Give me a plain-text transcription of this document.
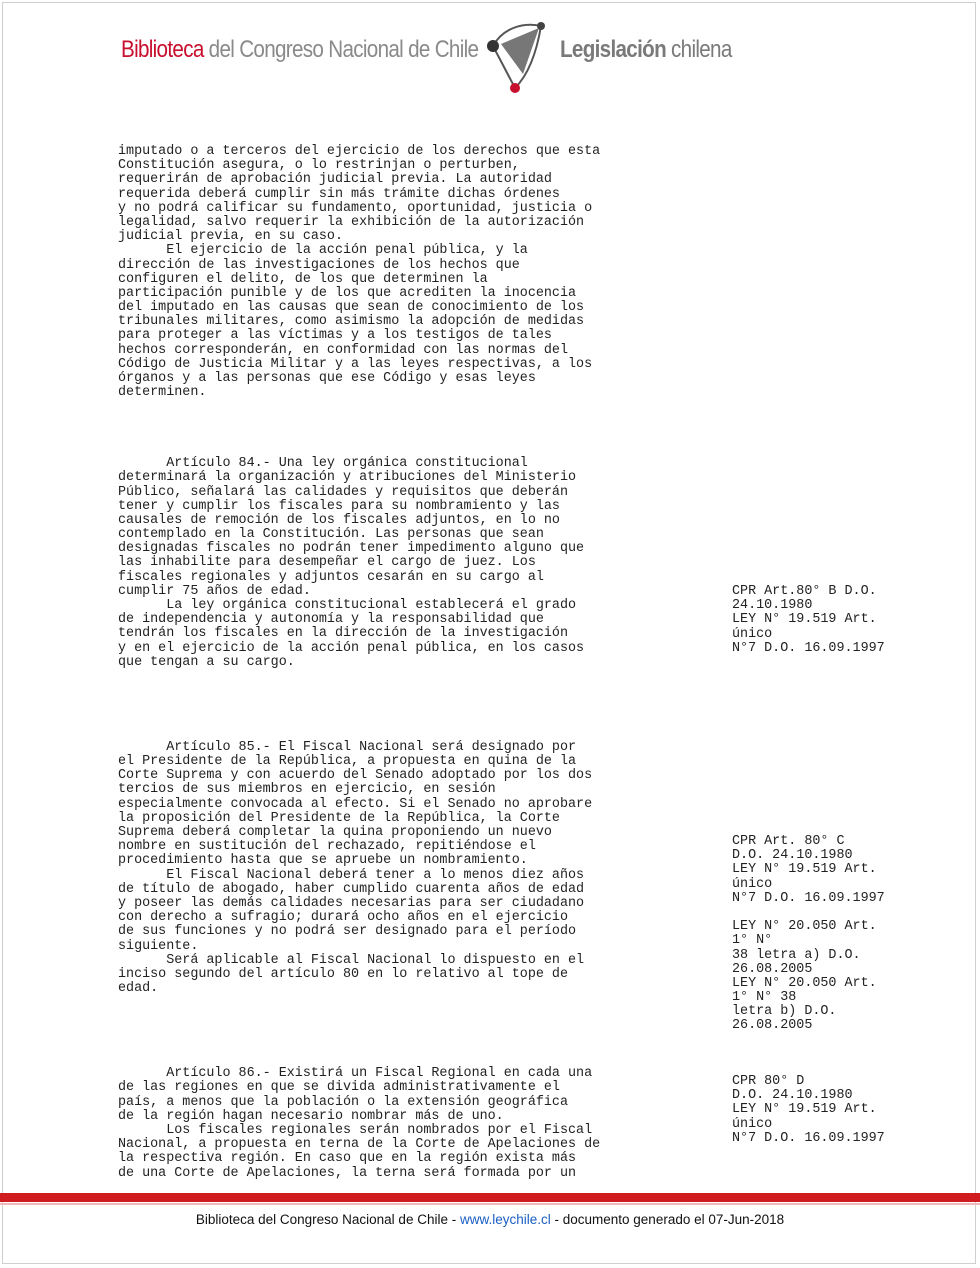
Biblioteca del Congreso Nacional de Chile	Legislación chilena
imputado o a terceros del ejercicio de los derechos que esta
Constitución asegura, o lo restrinjan o perturben,
requerirán de aprobación judicial previa. La autoridad
requerida deberá cumplir sin más trámite dichas órdenes
y no podrá calificar su fundamento, oportunidad, justicia o
legalidad, salvo requerir la exhibición de la autorización
judicial previa, en su caso.
El ejercicio de la acción penal pública, y la
dirección de las investigaciones de los hechos que
configuren el delito, de los que determinen la
participación punible y de los que acrediten la inocencia
del imputado en las causas que sean de conocimiento de los
tribunales militares, como asimismo la adopción de medidas
para proteger a las víctimas y a los testigos de tales
hechos corresponderán, en conformidad con las normas del
Código de Justicia Militar y a las leyes respectivas, a los
órganos y a las personas que ese Código y esas leyes
determinen.
Artículo 84.- Una ley orgánica constitucional
determinará la organización y atribuciones del Ministerio
Público, señalará las calidades y requisitos que deberán
tener y cumplir los fiscales para su nombramiento y las
causales de remoción de los fiscales adjuntos, en lo no
contemplado en la Constitución. Las personas que sean
designadas fiscales no podrán tener impedimento alguno que
las inhabilite para desempeñar el cargo de juez. Los
fiscales regionales y adjuntos cesarán en su cargo al
cumplir 75 años de edad.
La ley orgánica constitucional establecerá el grado
de independencia y autonomía y la responsabilidad que
tendrán los fiscales en la dirección de la investigación
y en el ejercicio de la acción penal pública, en los casos
que tengan a su cargo.
Artículo 85.- El Fiscal Nacional será designado por
el Presidente de la República, a propuesta en quina de la
Corte Suprema y con acuerdo del Senado adoptado por los dos
tercios de sus miembros en ejercicio, en sesión
especialmente convocada al efecto. Si el Senado no aprobare
la proposición del Presidente de la República, la Corte
Suprema deberá completar la quina proponiendo un nuevo
nombre en sustitución del rechazado, repitiéndose el
procedimiento hasta que se apruebe un nombramiento.
El Fiscal Nacional deberá tener a lo menos diez años
de título de abogado, haber cumplido cuarenta años de edad
y poseer las demás calidades necesarias para ser ciudadano
con derecho a sufragio; durará ocho años en el ejercicio
de sus funciones y no podrá ser designado para el período
siguiente.
Será aplicable al Fiscal Nacional lo dispuesto en el
inciso segundo del artículo 80 en lo relativo al tope de
edad.
Artículo 86.- Existirá un Fiscal Regional en cada una
de las regiones en que se divida administrativamente el
país, a menos que la población o la extensión geográfica
de la región hagan necesario nombrar más de uno.
Los fiscales regionales serán nombrados por el Fiscal
Nacional, a propuesta en terna de la Corte de Apelaciones de
la respectiva región. En caso que en la región exista más
de una Corte de Apelaciones, la terna será formada por un
CPR Art.80° B D.O.
24.10.1980
LEY N° 19.519 Art.
único
N°7 D.O. 16.09.1997
CPR Art. 80° C
D.O. 24.10.1980
LEY N° 19.519 Art.
único
N°7 D.O. 16.09.1997
LEY N° 20.050 Art.
1° N°
38 letra a) D.O.
26.08.2005
LEY N° 20.050 Art.
1° N° 38
letra b) D.O.
26.08.2005
CPR 80° D
D.O. 24.10.1980
LEY N° 19.519 Art.
único
N°7 D.O. 16.09.1997
Biblioteca del Congreso Nacional de Chile - www.leychile.cl - documento generado el 07-Jun-2018
